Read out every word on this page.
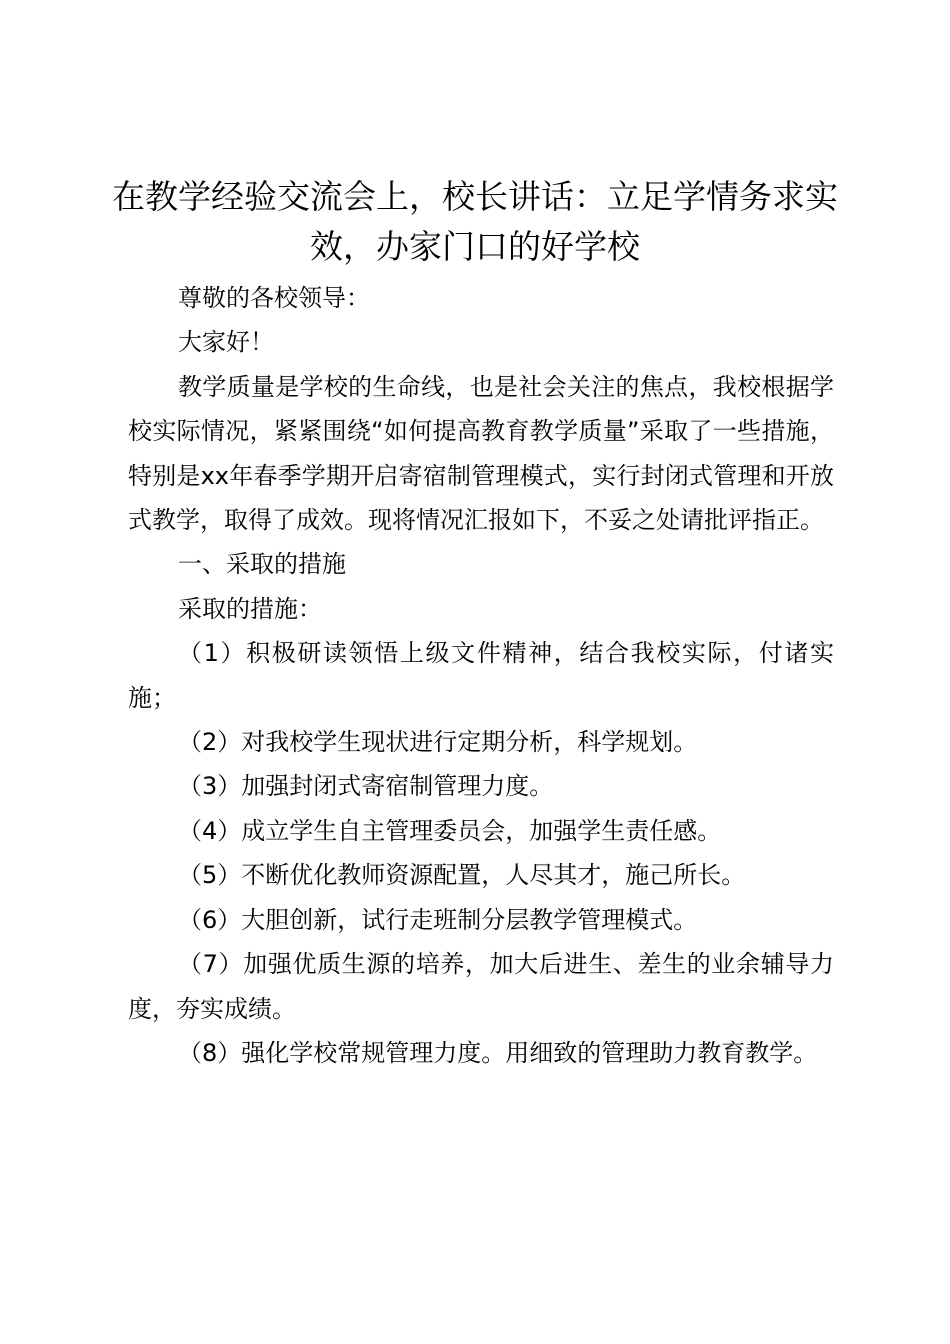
在教学经验交流会上，校长讲话：立足学情务求实效，办家门口的好学校

尊敬的各校领导：

大家好！

教学质量是学校的生命线，也是社会关注的焦点，我校根据学校实际情况，紧紧围绕“如何提高教育教学质量”采取了一些措施，特别是xx年春季学期开启寄宿制管理模式，实行封闭式管理和开放式教学，取得了成效。现将情况汇报如下，不妥之处请批评指正。

一、采取的措施

采取的措施：

（1）积极研读领悟上级文件精神，结合我校实际，付诸实施；

（2）对我校学生现状进行定期分析，科学规划。

（3）加强封闭式寄宿制管理力度。

（4）成立学生自主管理委员会，加强学生责任感。

（5）不断优化教师资源配置，人尽其才，施己所长。

（6）大胆创新，试行走班制分层教学管理模式。

（7）加强优质生源的培养，加大后进生、差生的业余辅导力度，夯实成绩。

（8）强化学校常规管理力度。用细致的管理助力教育教学。
